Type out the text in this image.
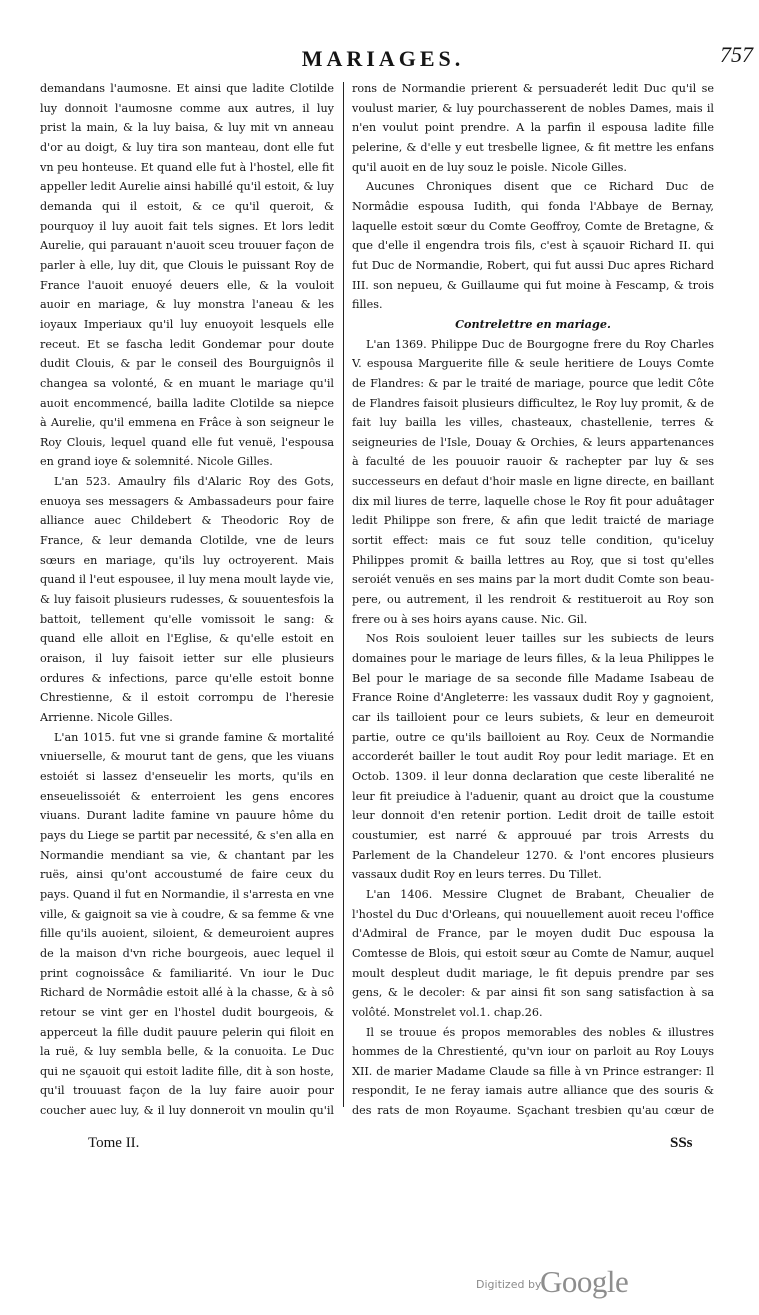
MARIAGES.	757

demandans l'aumosne. Et ainsi que ladite Clotilde luy donnoit l'aumosne comme aux autres, il luy prist la main, & la luy baisa, & luy mit vn anneau d'or au doigt, & luy tira son manteau, dont elle fut vn peu honteuse. Et quand elle fut à l'hostel, elle fit appeller ledit Aurelie ainsi habillé qu'il estoit, & luy demanda qui il estoit, & ce qu'il queroit, & pourquoy il luy auoit fait tels signes. Et lors ledit Aurelie, qui parauant n'auoit sceu trouuer façon de parler à elle, luy dit, que Clouis le puissant Roy de France l'auoit enuoyé deuers elle, & la vouloit auoir en mariage, & luy monstra l'aneau & les ioyaux Imperiaux qu'il luy enuoyoit lesquels elle receut. Et se fascha ledit Gondemar pour doute dudit Clouis, & par le conseil des Bourguignôs il changea sa volonté, & en muant le mariage qu'il auoit encommencé, bailla ladite Clotilde sa niepce à Aurelie, qu'il emmena en Frâce à son seigneur le Roy Clouis, lequel quand elle fut venuë, l'espousa en grand ioye & solemnité. Nicole Gilles.

L'an 523. Amaulry fils d'Alaric Roy des Gots, enuoya ses messagers & Ambassadeurs pour faire alliance auec Childebert & Theodoric Roy de France, & leur demanda Clotilde, vne de leurs sœurs en mariage, qu'ils luy octroyerent. Mais quand il l'eut espousee, il luy mena moult layde vie, & luy faisoit plusieurs rudesses, & souuentesfois la battoit, tellement qu'elle vomissoit le sang: & quand elle alloit en l'Eglise, & qu'elle estoit en oraison, il luy faisoit ietter sur elle plusieurs ordures & infections, parce qu'elle estoit bonne Chrestienne, & il estoit corrompu de l'heresie Arrienne. Nicole Gilles.

L'an 1015. fut vne si grande famine & mortalité vniuerselle, & mourut tant de gens, que les viuans estoiét si lassez d'enseuelir les morts, qu'ils en enseuelissoiét & enterroient les gens encores viuans. Durant ladite famine vn pauure hôme du pays du Liege se partit par necessité, & s'en alla en Normandie mendiant sa vie, & chantant par les ruës, ainsi qu'ont accoustumé de faire ceux du pays. Quand il fut en Normandie, il s'arresta en vne ville, & gaignoit sa vie à coudre, & sa femme & vne fille qu'ils auoient, siloient, & demeuroient aupres de la maison d'vn riche bourgeois, auec lequel il print cognoissâce & familiarité. Vn iour le Duc Richard de Normâdie estoit allé à la chasse, & à sô retour se vint ger en l'hostel dudit bourgeois, & apperceut la fille dudit pauure pelerin qui filoit en la ruë, & luy sembla belle, & la conuoita. Le Duc qui ne sçauoit qui estoit ladite fille, dit à son hoste, qu'il trouuast façon de la luy faire auoir pour coucher auec luy, & il luy donneroit vn moulin qu'il

rons de Normandie prierent & persuaderét ledit Duc qu'il se voulust marier, & luy pourchasserent de nobles Dames, mais il n'en voulut point prendre. A la parfin il espousa ladite fille pelerine, & d'elle y eut tresbelle lignee, & fit mettre les enfans qu'il auoit en de luy souz le poisle. Nicole Gilles.

Aucunes Chroniques disent que ce Richard Duc de Normâdie espousa Iudith, qui fonda l'Abbaye de Bernay, laquelle estoit sœur du Comte Geoffroy, Comte de Bretagne, & que d'elle il engendra trois fils, c'est à sçauoir Richard II. qui fut Duc de Normandie, Robert, qui fut aussi Duc apres Richard III. son nepueu, & Guillaume qui fut moine à Fescamp, & trois filles.

Contrelettre en mariage.

L'an 1369. Philippe Duc de Bourgogne frere du Roy Charles V. espousa Marguerite fille & seule heritiere de Louys Comte de Flandres: & par le traité de mariage, pource que ledit Côte de Flandres faisoit plusieurs difficultez, le Roy luy promit, & de fait luy bailla les villes, chasteaux, chastellenie, terres & seigneuries de l'Isle, Douay & Orchies, & leurs appartenances à faculté de les pouuoir rauoir & rachepter par luy & ses successeurs en defaut d'hoir masle en ligne directe, en baillant dix mil liures de terre, laquelle chose le Roy fit pour aduâtager ledit Philippe son frere, & afin que ledit traicté de mariage sortit effect: mais ce fut souz telle condition, qu'iceluy Philippes promit & bailla lettres au Roy, que si tost qu'elles seroiét venuës en ses mains par la mort dudit Comte son beau-pere, ou autrement, il les rendroit & restitueroit au Roy son frere ou à ses hoirs ayans cause. Nic. Gil.

Nos Rois souloient leuer tailles sur les subiects de leurs domaines pour le mariage de leurs filles, & la leua Philippes le Bel pour le mariage de sa seconde fille Madame Isabeau de France Roine d'Angleterre: les vassaux dudit Roy y gagnoient, car ils tailloient pour ce leurs subiets, & leur en demeuroit partie, outre ce qu'ils bailloient au Roy. Ceux de Normandie accorderét bailler le tout audit Roy pour ledit mariage. Et en Octob. 1309. il leur donna declaration que ceste liberalité ne leur fit preiudice à l'aduenir, quant au droict que la coustume leur donnoit d'en retenir portion. Ledit droit de taille estoit coustumier, est narré & approuué par trois Arrests du Parlement de la Chandeleur 1270. & l'ont encores plusieurs vassaux dudit Roy en leurs terres. Du Tillet.

L'an 1406. Messire Clugnet de Brabant, Cheualier de l'hostel du Duc d'Orleans, qui nouuellement auoit receu l'office d'Admiral de France, par le moyen dudit Duc espousa la Comtesse de Blois, qui estoit sœur au Comte de Namur, auquel moult despleut dudit mariage, le fit depuis prendre par ses gens, & le decoler: & par ainsi fit son sang satisfaction à sa volôté. Monstrelet vol.1. chap.26.

Il se trouue és propos memorables des nobles & illustres hommes de la Chrestienté, qu'vn iour on parloit au Roy Louys XII. de marier Madame Claude sa fille à vn Prince estranger: Il respondit, Ie ne feray iamais autre alliance que des souris & des rats de mon Royaume. Sçachant tresbien qu'au cœur de

Tome II.	SSs
Digitized by
Google
